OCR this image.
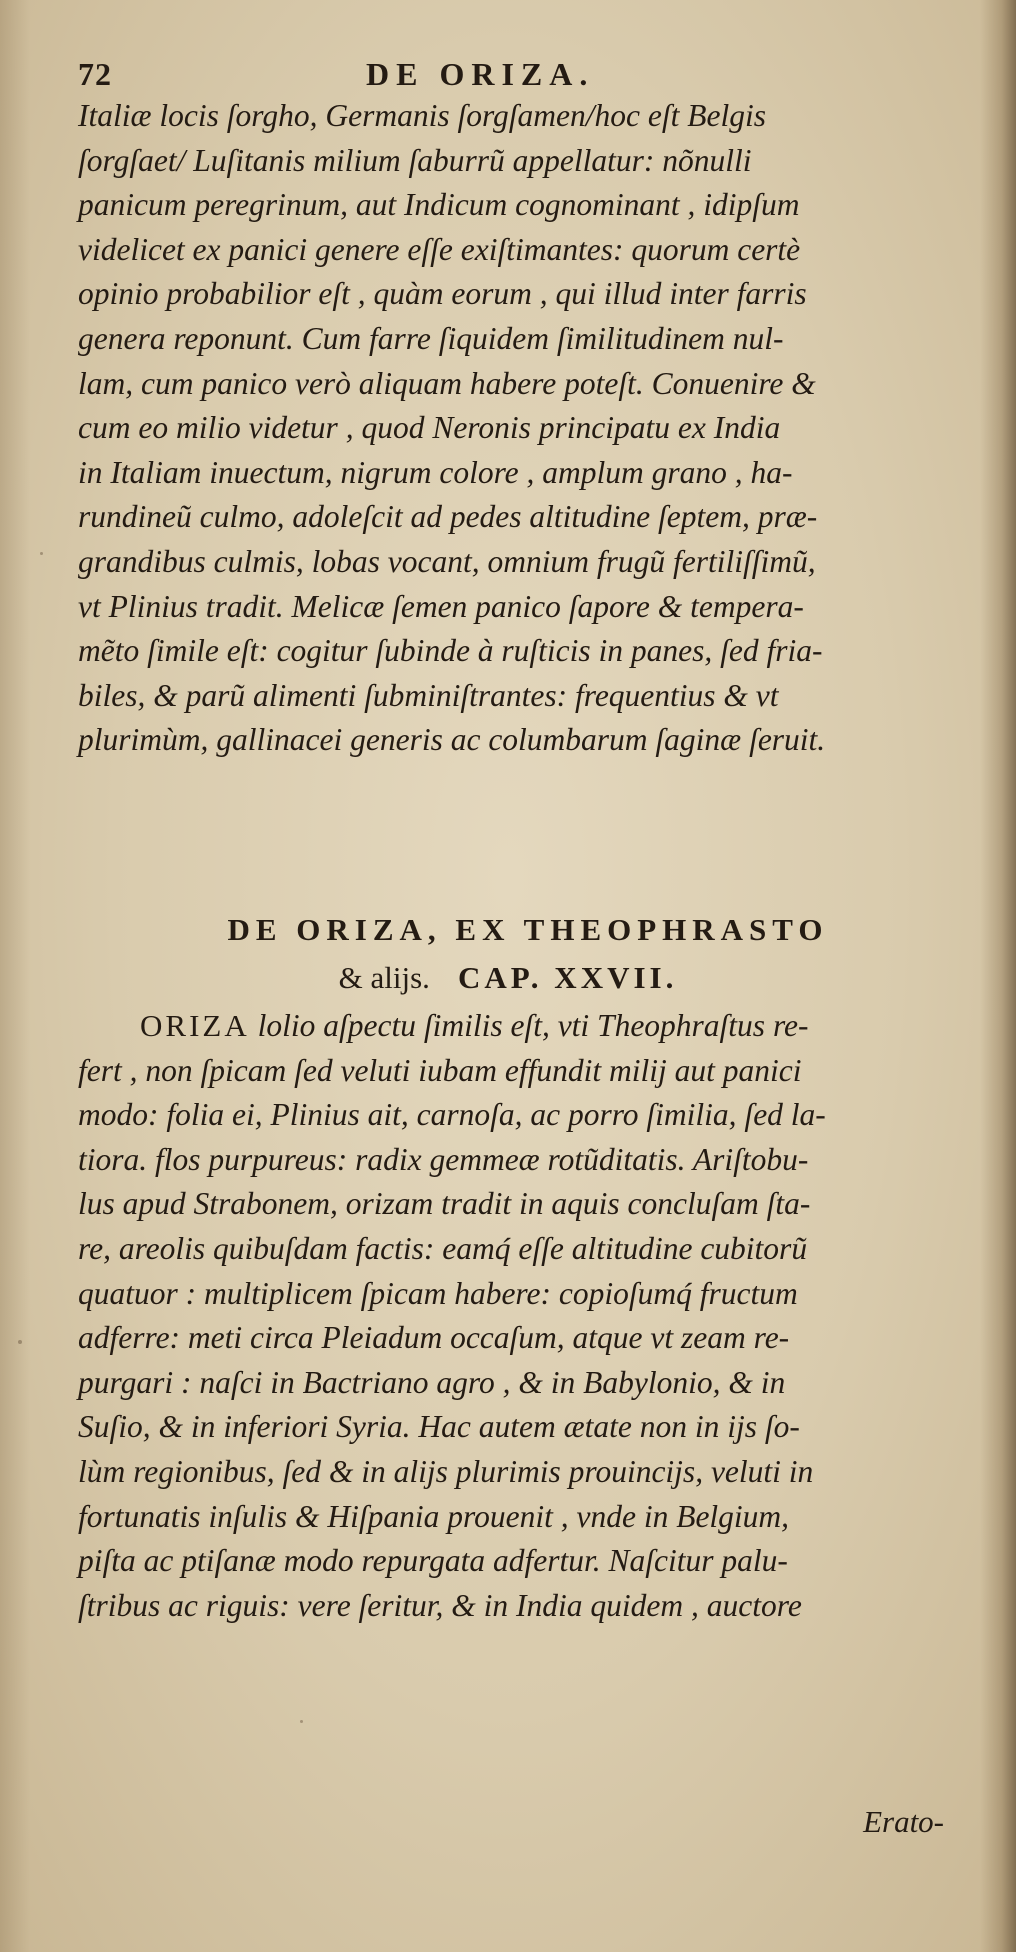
72	DE ORIZA.
Italiæ locis ſorgho, Germanis ſorgſamen/hoc eſt Belgis
ſorgſaet/ Luſitanis milium ſaburrũ appellatur: nõnulli
panicum peregrinum, aut Indicum cognominant , idipſum
videlicet ex panici genere eſſe exiſtimantes: quorum certè
opinio probabilior eſt , quàm eorum , qui illud inter farris
genera reponunt. Cum farre ſiquidem ſimilitudinem nul-
lam, cum panico verò aliquam habere poteſt. Conuenire &
cum eo milio videtur , quod Neronis principatu ex India
in Italiam inuectum, nigrum colore , amplum grano , ha-
rundineũ culmo, adoleſcit ad pedes altitudine ſeptem, præ-
grandibus culmis, lobas vocant, omnium frugũ fertiliſſimũ,
vt Plinius tradit. Melicæ ſemen panico ſapore & tempera-
mẽto ſimile eſt: cogitur ſubinde à ruſticis in panes, ſed fria-
biles, & parũ alimenti ſubminiſtrantes: frequentius & vt
plurimùm, gallinacei generis ac columbarum ſaginæ ſeruit.
DE ORIZA, EX THEOPHRASTO
& alijs. CAP. XXVII.
ORIZA lolio aſpectu ſimilis eſt, vti Theophraſtus re-
fert , non ſpicam ſed veluti iubam effundit milij aut panici
modo: folia ei, Plinius ait, carnoſa, ac porro ſimilia, ſed la-
tiora. flos purpureus: radix gemmeæ rotũditatis. Ariſtobu-
lus apud Strabonem, orizam tradit in aquis concluſam ſta-
re, areolis quibuſdam factis: eamq́ eſſe altitudine cubitorũ
quatuor : multiplicem ſpicam habere: copioſumq́ fructum
adferre: meti circa Pleiadum occaſum, atque vt zeam re-
purgari : naſci in Bactriano agro , & in Babylonio, & in
Suſio, & in inferiori Syria. Hac autem ætate non in ijs ſo-
lùm regionibus, ſed & in alijs plurimis prouincijs, veluti in
fortunatis inſulis & Hiſpania prouenit , vnde in Belgium,
piſta ac ptiſanæ modo repurgata adfertur. Naſcitur palu-
ſtribus ac riguis: vere ſeritur, & in India quidem , auctore
Erato-
